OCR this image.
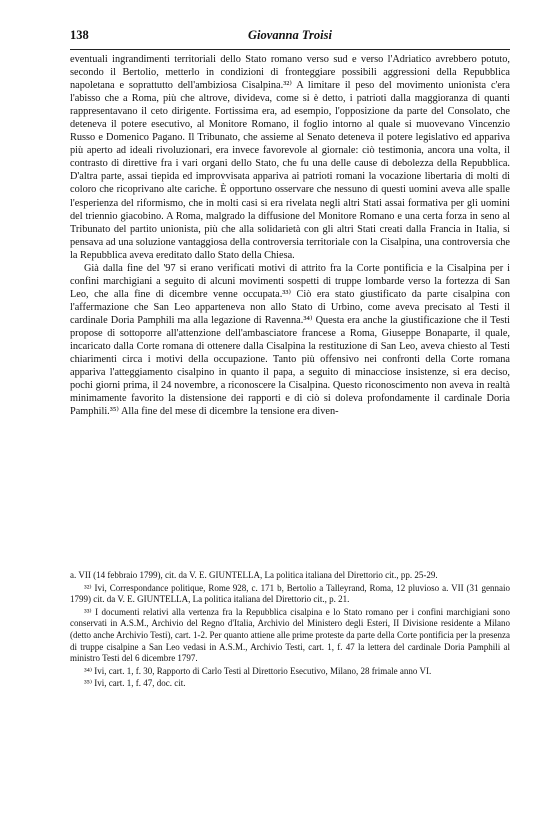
138	Giovanna Troisi

eventuali ingrandimenti territoriali dello Stato romano verso sud e verso l'Adriatico avrebbero potuto, secondo il Bertolio, metterlo in condizioni di fronteggiare possibili aggressioni della Repubblica napoletana e soprattutto dell'ambiziosa Cisalpina.³²⁾ A limitare il peso del movimento unionista c'era l'abisso che a Roma, più che altrove, divideva, come si è detto, i patrioti dalla maggioranza di quanti rappresentavano il ceto dirigente. Fortissima era, ad esempio, l'opposizione da parte del Consolato, che deteneva il potere esecutivo, al Monitore Romano, il foglio intorno al quale si muovevano Vincenzio Russo e Domenico Pagano. Il Tribunato, che assieme al Senato deteneva il potere legislativo ed appariva più aperto ad ideali rivoluzionari, era invece favorevole al giornale: ciò testimonia, ancora una volta, il contrasto di direttive fra i vari organi dello Stato, che fu una delle cause di debolezza della Repubblica. D'altra parte, assai tiepida ed improvvisata appariva ai patrioti romani la vocazione libertaria di molti di coloro che ricoprivano alte cariche. È opportuno osservare che nessuno di questi uomini aveva alle spalle l'esperienza del riformismo, che in molti casi si era rivelata negli altri Stati assai formativa per gli uomini del triennio giacobino. A Roma, malgrado la diffusione del Monitore Romano e una certa forza in seno al Tribunato del partito unionista, più che alla solidarietà con gli altri Stati creati dalla Francia in Italia, si pensava ad una soluzione vantaggiosa della controversia territoriale con la Cisalpina, una controversia che la Repubblica aveva ereditato dallo Stato della Chiesa.

Già dalla fine del '97 si erano verificati motivi di attrito fra la Corte pontificia e la Cisalpina per i confini marchigiani a seguito di alcuni movimenti sospetti di truppe lombarde verso la fortezza di San Leo, che alla fine di dicembre venne occupata.³³⁾ Ciò era stato giustificato da parte cisalpina con l'affermazione che San Leo apparteneva non allo Stato di Urbino, come aveva precisato al Testi il cardinale Doria Pamphili ma alla legazione di Ravenna.³⁴⁾ Questa era anche la giustificazione che il Testi propose di sottoporre all'attenzione dell'ambasciatore francese a Roma, Giuseppe Bonaparte, il quale, incaricato dalla Corte romana di ottenere dalla Cisalpina la restituzione di San Leo, aveva chiesto al Testi chiarimenti circa i motivi della occupazione. Tanto più offensivo nei confronti della Corte romana appariva l'atteggiamento cisalpino in quanto il papa, a seguito di minacciose insistenze, si era deciso, pochi giorni prima, il 24 novembre, a riconoscere la Cisalpina. Questo riconoscimento non aveva in realtà minimamente favorito la distensione dei rapporti e di ciò si doleva profondamente il cardinale Doria Pamphili.³⁵⁾ Alla fine del mese di dicembre la tensione era diven-

a. VII (14 febbraio 1799), cit. da V. E. GIUNTELLA, La politica italiana del Direttorio cit., pp. 25-29.

³²⁾ Ivi, Correspondance politique, Rome 928, c. 171 b, Bertolio a Talleyrand, Roma, 12 pluvioso a. VII (31 gennaio 1799) cit. da V. E. GIUNTELLA, La politica italiana del Direttorio cit., p. 21.

³³⁾ I documenti relativi alla vertenza fra la Repubblica cisalpina e lo Stato romano per i confini marchigiani sono conservati in A.S.M., Archivio del Regno d'Italia, Archivio del Ministero degli Esteri, II Divisione residente a Milano (detto anche Archivio Testi), cart. 1-2. Per quanto attiene alle prime proteste da parte della Corte pontificia per la presenza di truppe cisalpine a San Leo vedasi in A.S.M., Archivio Testi, cart. 1, f. 47 la lettera del cardinale Doria Pamphili al ministro Testi del 6 dicembre 1797.

³⁴⁾ Ivi, cart. 1, f. 30, Rapporto di Carlo Testi al Direttorio Esecutivo, Milano, 28 frimale anno VI.

³⁵⁾ Ivi, cart. 1, f. 47, doc. cit.
